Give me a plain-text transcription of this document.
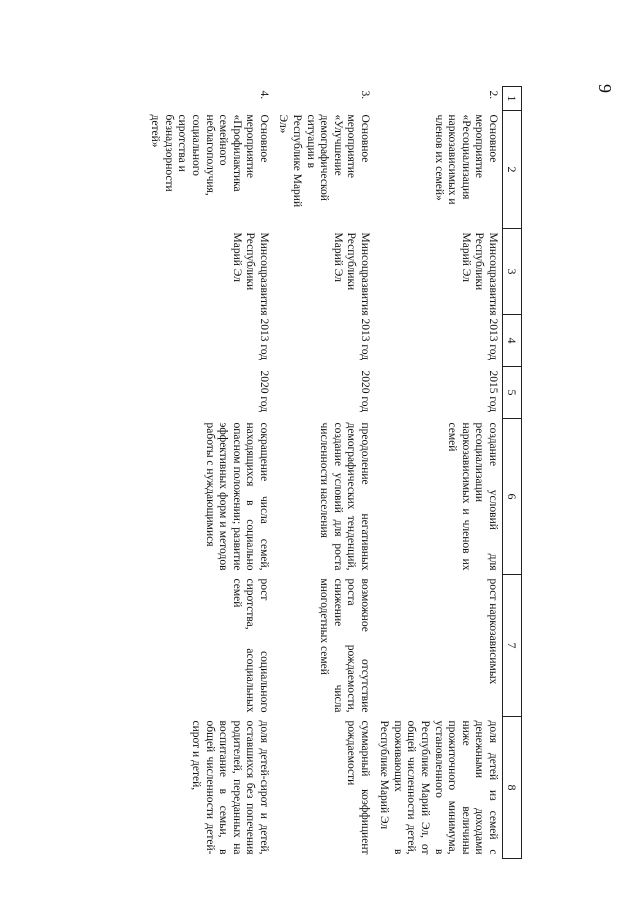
9
1	2	3	4	5	6	7	8
2.	Основное мероприятие «Ресоциализация наркозависимых и членов их семей»	Минсоцразвития Республики Марий Эл	2013 год	2015 год	создание условий для ресоциализации наркозависимых и членов их семей	рост наркозависимых	доля детей из семей с денежными доходами ниже величины прожиточного минимума, установленного в Республике Марий Эл, от общей численности детей, проживающих в Республике Марий Эл
3.	Основное мероприятие «Улучшение демографической ситуации в Республике Марий Эл»	Минсоцразвития Республики Марий Эл	2013 год	2020 год	преодоление негативных демографических тенденций, создание условий для роста численности населения	возможное отсутствие роста рождаемости, снижение числа многодетных семей	суммарный коэффициент рождаемости
4.	Основное мероприятие «Профилактика семейного неблагополучия, социального сиротства и безнадзорности детей»	Минсоцразвития Республики Марий Эл	2013 год	2020 год	сокращение числа семей, находящихся в социально опасном положении; развитие эффективных форм и методов работы с нуждающимися	рост социального сиротства, асоциальных семей	доля детей-сирот и детей, оставшихся без попечения родителей, переданных на воспитание в семьи, в общей численности детей-сирот и детей,
